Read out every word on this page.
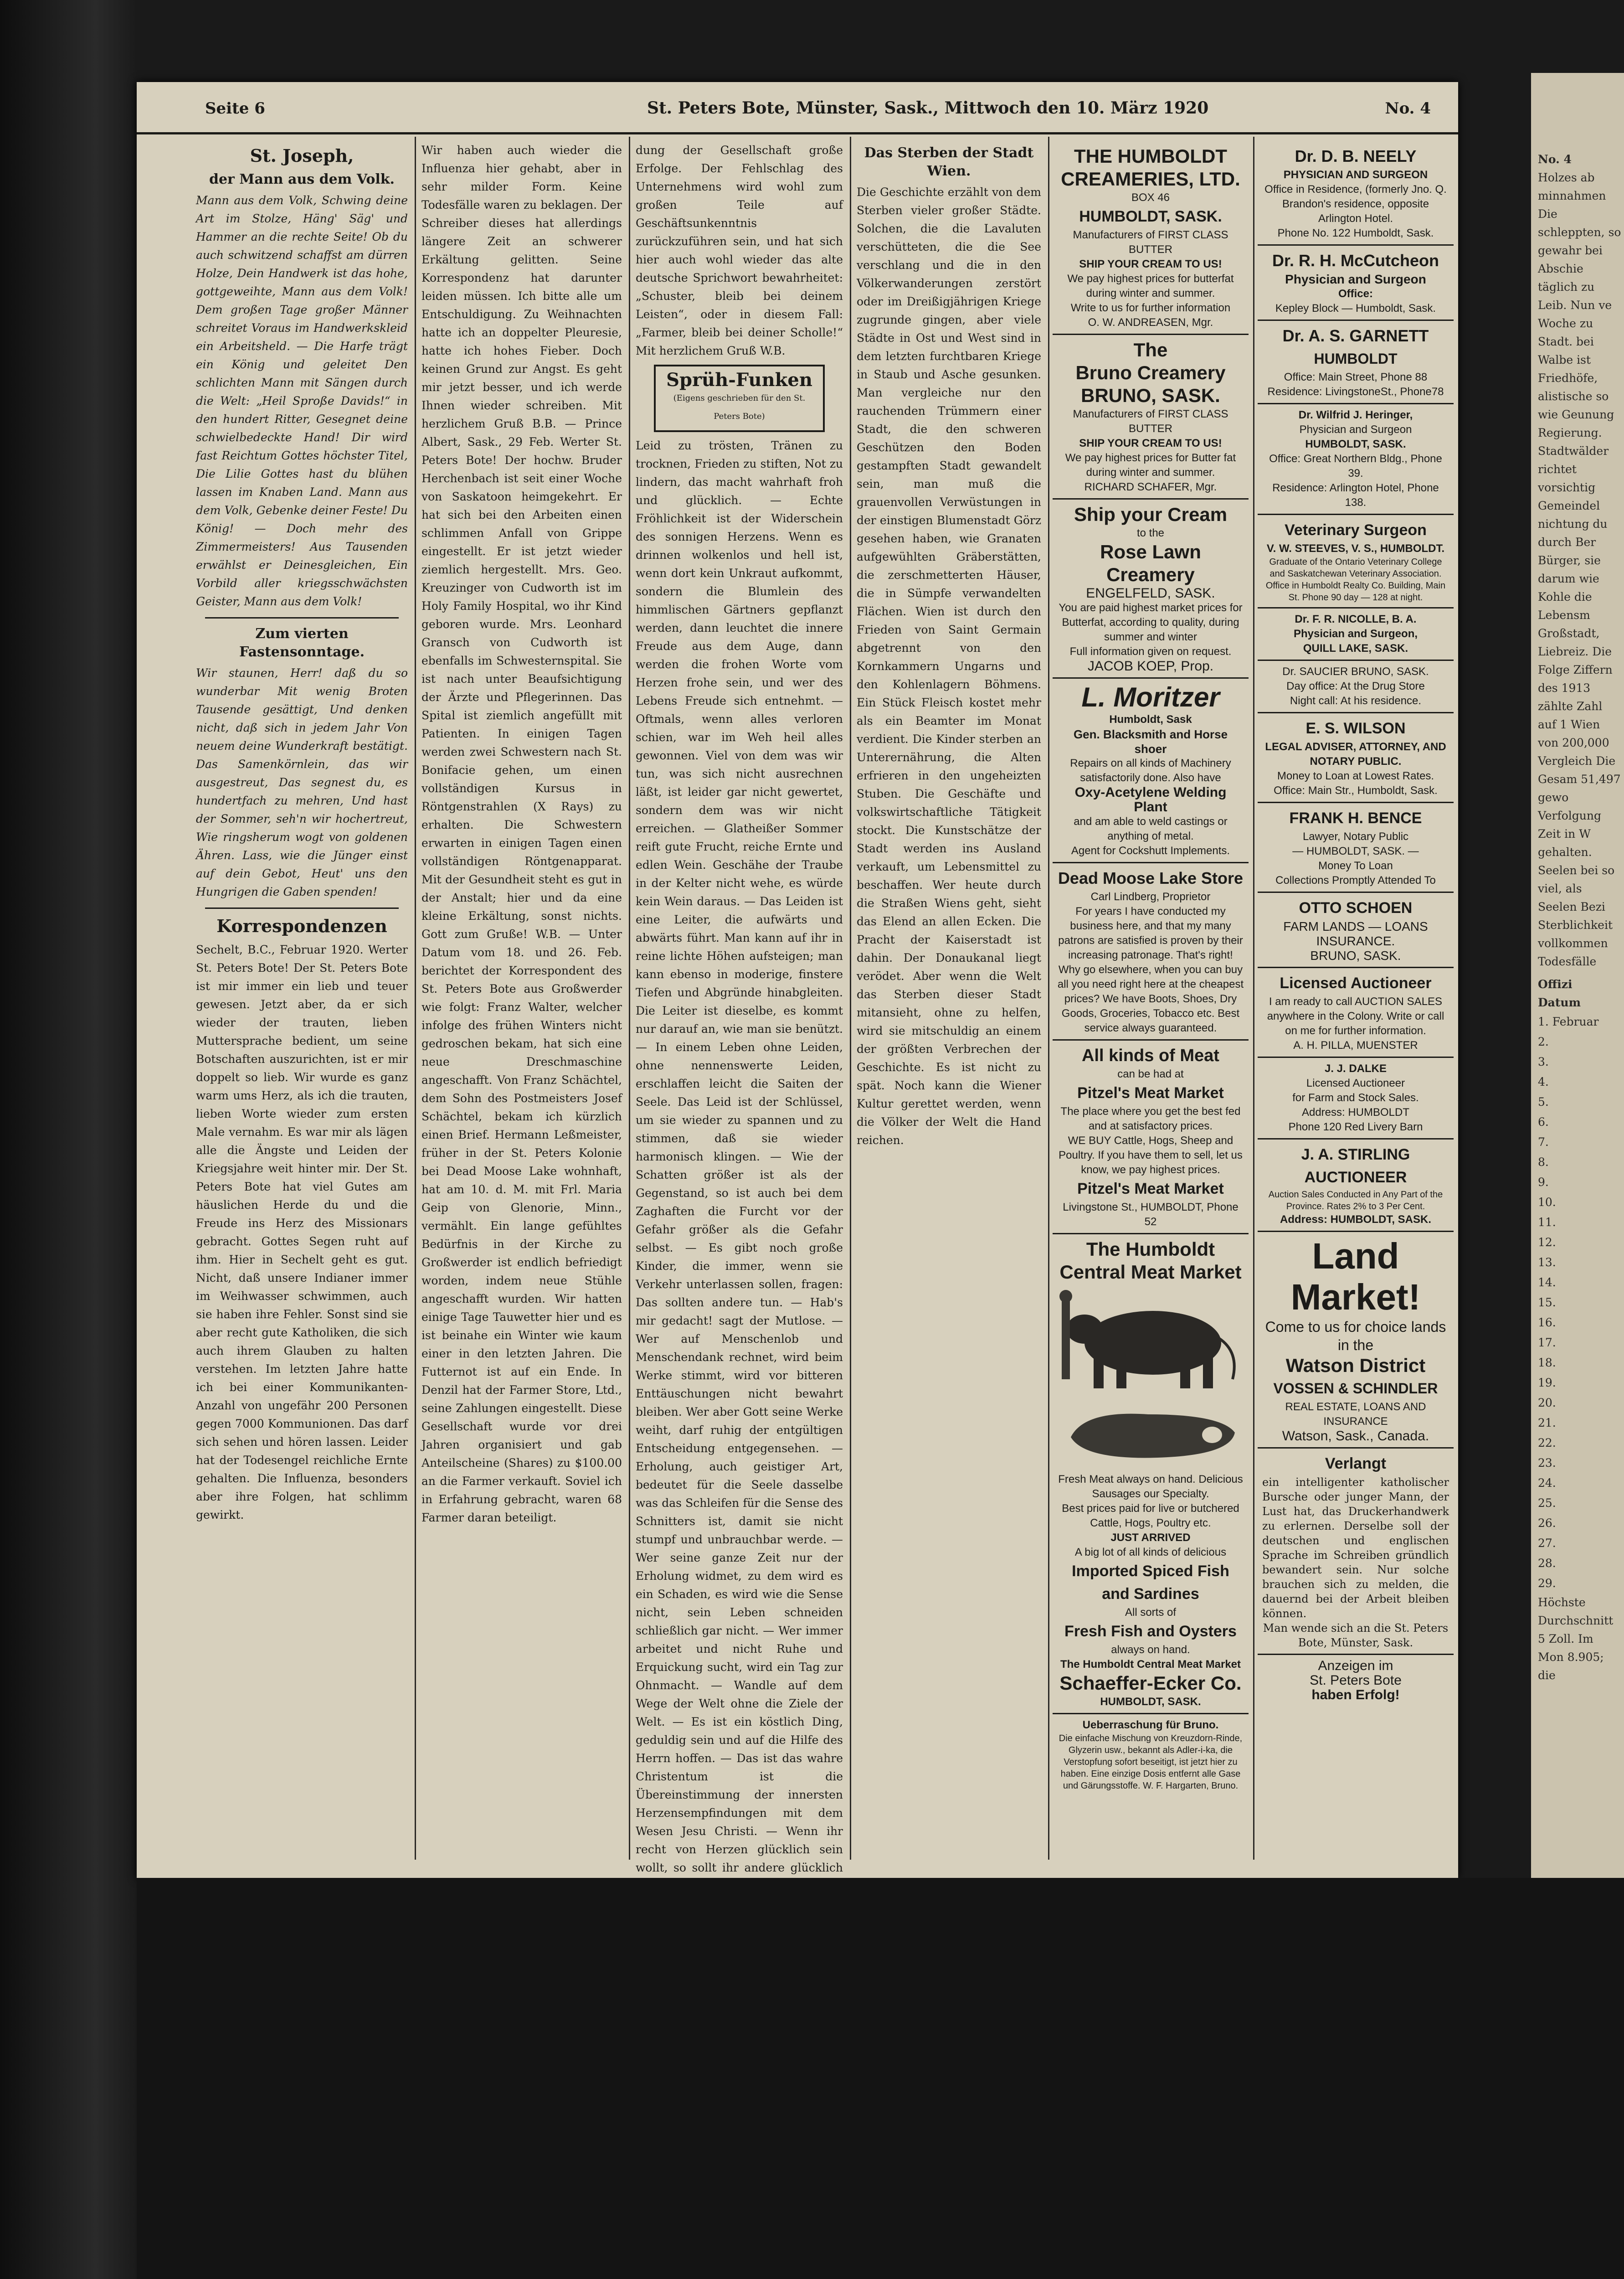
Seite 6	St. Peters Bote, Münster, Sask., Mittwoch den 10. März 1920	No. 4
St. Joseph,
der Mann aus dem Volk.

Mann aus dem Volk, Schwing deine Art im Stolze, Häng' Säg' und Hammer an die rechte Seite! Ob du auch schwitzend schaffst am dürren Holze, Dein Handwerk ist das hohe, gottgeweihte, Mann aus dem Volk! Dem großen Tage großer Männer schreitet Voraus im Handwerkskleid ein Arbeitsheld. — Die Harfe trägt ein König und geleitet Den schlichten Mann mit Sängen durch die Welt: „Heil Sproße Davids!“ in den hundert Ritter, Gesegnet deine schwielbedeckte Hand! Dir wird fast Reichtum Gottes höchster Titel, Die Lilie Gottes hast du blühen lassen im Knaben Land. Mann aus dem Volk, Gebenke deiner Feste! Du König! — Doch mehr des Zimmermeisters! Aus Tausenden erwählst er Deinesgleichen, Ein Vorbild aller kriegsschwächsten Geister, Mann aus dem Volk!

Zum vierten Fastensonntage.

Wir staunen, Herr! daß du so wunderbar Mit wenig Broten Tausende gesättigt, Und denken nicht, daß sich in jedem Jahr Von neuem deine Wunderkraft bestätigt. Das Samenkörnlein, das wir ausgestreut, Das segnest du, es hundertfach zu mehren, Und hast der Sommer, seh'n wir hochertreut, Wie ringsherum wogt von goldenen Ähren. Lass, wie die Jünger einst auf dein Gebot, Heut' uns den Hungrigen die Gaben spenden!

Korrespondenzen

Sechelt, B.C., Februar 1920. Werter St. Peters Bote! Der St. Peters Bote ist mir immer ein lieb und teuer gewesen. Jetzt aber, da er sich wieder der trauten, lieben Muttersprache bedient, um seine Botschaften auszurichten, ist er mir doppelt so lieb. Wir wurde es ganz warm ums Herz, als ich die trauten, lieben Worte wieder zum ersten Male vernahm. Es war mir als lägen alle die Ängste und Leiden der Kriegsjahre weit hinter mir. Der St. Peters Bote hat viel Gutes am häuslichen Herde du und die Freude ins Herz des Missionars gebracht. Gottes Segen ruht auf ihm. Hier in Sechelt geht es gut. Nicht, daß unsere Indianer immer im Weihwasser schwimmen, auch sie haben ihre Fehler. Sonst sind sie aber recht gute Katholiken, die sich auch ihrem Glauben zu halten verstehen. Im letzten Jahre hatte ich bei einer Kommunikanten-Anzahl von ungefähr 200 Personen gegen 7000 Kommunionen. Das darf sich sehen und hören lassen. Leider hat der Todesengel reichliche Ernte gehalten. Die Influenza, besonders aber ihre Folgen, hat schlimm gewirkt.

Wir haben auch wieder die Influenza hier gehabt, aber in sehr milder Form. Keine Todesfälle waren zu beklagen. Der Schreiber dieses hat allerdings längere Zeit an schwerer Erkältung gelitten. Seine Korrespondenz hat darunter leiden müssen. Ich bitte alle um Entschuldigung. Zu Weihnachten hatte ich an doppelter Pleuresie, hatte ich hohes Fieber. Doch keinen Grund zur Angst. Es geht mir jetzt besser, und ich werde Ihnen wieder schreiben. Mit herzlichem Gruß B.B. — Prince Albert, Sask., 29 Feb. Werter St. Peters Bote! Der hochw. Bruder Herchenbach ist seit einer Woche von Saskatoon heimgekehrt. Er hat sich bei den Arbeiten einen schlimmen Anfall von Grippe eingestellt. Er ist jetzt wieder ziemlich hergestellt. Mrs. Geo. Kreuzinger von Cudworth ist im Holy Family Hospital, wo ihr Kind geboren wurde. Mrs. Leonhard Gransch von Cudworth ist ebenfalls im Schwesternspital. Sie ist nach unter Beaufsichtigung der Ärzte und Pflegerinnen. Das Spital ist ziemlich angefüllt mit Patienten. In einigen Tagen werden zwei Schwestern nach St. Bonifacie gehen, um einen vollständigen Kursus in Röntgenstrahlen (X Rays) zu erhalten. Die Schwestern erwarten in einigen Tagen einen vollständigen Röntgenapparat. Mit der Gesundheit steht es gut in der Anstalt; hier und da eine kleine Erkältung, sonst nichts. Gott zum Gruße! W.B. — Unter Datum vom 18. und 26. Feb. berichtet der Korrespondent des St. Peters Bote aus Großwerder wie folgt: Franz Walter, welcher infolge des frühen Winters nicht gedroschen bekam, hat sich eine neue Dreschmaschine angeschafft. Von Franz Schächtel, dem Sohn des Postmeisters Josef Schächtel, bekam ich kürzlich einen Brief. Hermann Leßmeister, früher in der St. Peters Kolonie bei Dead Moose Lake wohnhaft, hat am 10. d. M. mit Frl. Maria Geip von Glenorie, Minn., vermählt. Ein lange gefühltes Bedürfnis in der Kirche zu Großwerder ist endlich befriedigt worden, indem neue Stühle angeschafft wurden. Wir hatten einige Tage Tauwetter hier und es ist beinahe ein Winter wie kaum einer in den letzten Jahren. Die Futternot ist auf ein Ende. In Denzil hat der Farmer Store, Ltd., seine Zahlungen eingestellt. Diese Gesellschaft wurde vor drei Jahren organisiert und gab Anteilscheine (Shares) zu $100.00 an die Farmer verkauft. Soviel ich in Erfahrung gebracht, waren 68 Farmer daran beteiligt.

dung der Gesellschaft große Erfolge. Der Fehlschlag des Unternehmens wird wohl zum großen Teile auf Geschäftsunkenntnis zurückzuführen sein, und hat sich hier auch wohl wieder das alte deutsche Sprichwort bewahrheitet: „Schuster, bleib bei deinem Leisten“, oder in diesem Fall: „Farmer, bleib bei deiner Scholle!“ Mit herzlichem Gruß W.B.

Sprüh-Funken
(Eigens geschrieben für den St. Peters Bote)

Leid zu trösten, Tränen zu trocknen, Frieden zu stiften, Not zu lindern, das macht wahrhaft froh und glücklich. — Echte Fröhlichkeit ist der Widerschein des sonnigen Herzens. Wenn es drinnen wolkenlos und hell ist, wenn dort kein Unkraut aufkommt, sondern die Blumlein des himmlischen Gärtners gepflanzt werden, dann leuchtet die innere Freude aus dem Auge, dann werden die frohen Worte vom Herzen frohe sein, und wer des Lebens Freude sich entnehmt. — Oftmals, wenn alles verloren schien, war im Weh heil alles gewonnen. Viel von dem was wir tun, was sich nicht ausrechnen läßt, ist leider gar nicht gewertet, sondern dem was wir nicht erreichen. — Glatheißer Sommer reift gute Frucht, reiche Ernte und edlen Wein. Geschähe der Traube in der Kelter nicht wehe, es würde kein Wein daraus. — Das Leiden ist eine Leiter, die aufwärts und abwärts führt. Man kann auf ihr in reine lichte Höhen aufsteigen; man kann ebenso in moderige, finstere Tiefen und Abgründe hinabgleiten. Die Leiter ist dieselbe, es kommt nur darauf an, wie man sie benützt. — In einem Leben ohne Leiden, ohne nennenswerte Leiden, erschlaffen leicht die Saiten der Seele. Das Leid ist der Schlüssel, um sie wieder zu spannen und zu stimmen, daß sie wieder harmonisch klingen. — Wie der Schatten größer ist als der Gegenstand, so ist auch bei dem Zaghaften die Furcht vor der Gefahr größer als die Gefahr selbst. — Es gibt noch große Kinder, die immer, wenn sie Verkehr unterlassen sollen, fragen: Das sollten andere tun. — Hab's mir gedacht! sagt der Mutlose. — Wer auf Menschenlob und Menschendank rechnet, wird beim Werke stimmt, wird vor bitteren Enttäuschungen nicht bewahrt bleiben. Wer aber Gott seine Werke weiht, darf ruhig der entgültigen Entscheidung entgegensehen. — Erholung, auch geistiger Art, bedeutet für die Seele dasselbe was das Schleifen für die Sense des Schnitters ist, damit sie nicht stumpf und unbrauchbar werde. — Wer seine ganze Zeit nur der Erholung widmet, zu dem wird es ein Schaden, es wird wie die Sense nicht, sein Leben schneiden schließlich gar nicht. — Wer immer arbeitet und nicht Ruhe und Erquickung sucht, wird ein Tag zur Ohnmacht. — Wandle auf dem Wege der Welt ohne die Ziele der Welt. — Es ist ein köstlich Ding, geduldig sein und auf die Hilfe des Herrn hoffen. — Das ist das wahre Christentum ist die Übereinstimmung der innersten Herzensempfindungen mit dem Wesen Jesu Christi. — Wenn ihr recht von Herzen glücklich sein wollt, so sollt ihr andere glücklich

Das Sterben der Stadt Wien.

Die Geschichte erzählt von dem Sterben vieler großer Städte. Solchen, die die Lavaluten verschütteten, die die See verschlang und die in den Völkerwanderungen zerstört oder im Dreißigjährigen Kriege zugrunde gingen, aber viele Städte in Ost und West sind in dem letzten furchtbaren Kriege in Staub und Asche gesunken. Man vergleiche nur den rauchenden Trümmern einer Stadt, die den schweren Geschützen den Boden gestampften Stadt gewandelt sein, man muß die grauenvollen Verwüstungen in der einstigen Blumenstadt Görz gesehen haben, wie Granaten aufgewühlten Gräberstätten, die zerschmetterten Häuser, die in Sümpfe verwandelten Flächen. Wien ist durch den Frieden von Saint Germain abgetrennt von den Kornkammern Ungarns und den Kohlenlagern Böhmens. Ein Stück Fleisch kostet mehr als ein Beamter im Monat verdient. Die Kinder sterben an Unterernährung, die Alten erfrieren in den ungeheizten Stuben. Die Geschäfte und volkswirtschaftliche Tätigkeit stockt. Die Kunstschätze der Stadt werden ins Ausland verkauft, um Lebensmittel zu beschaffen. Wer heute durch die Straßen Wiens geht, sieht das Elend an allen Ecken. Die Pracht der Kaiserstadt ist dahin. Der Donaukanal liegt verödet. Aber wenn die Welt das Sterben dieser Stadt mitansieht, ohne zu helfen, wird sie mitschuldig an einem der größten Verbrechen der Geschichte. Es ist nicht zu spät. Noch kann die Wiener Kultur gerettet werden, wenn die Völker der Welt die Hand reichen.

THE HUMBOLDT CREAMERIES, LTD.
BOX 46
HUMBOLDT, SASK.
Manufacturers of FIRST CLASS BUTTER
SHIP YOUR CREAM TO US!
We pay highest prices for butterfat during winter and summer.
Write to us for further information
O. W. ANDREASEN, Mgr.
The
Bruno Creamery
BRUNO, SASK.
Manufacturers of FIRST CLASS BUTTER
SHIP YOUR CREAM TO US!
We pay highest prices for Butter fat during winter and summer.
RICHARD SCHAFER, Mgr.
Ship your Cream
to the
Rose Lawn Creamery
ENGELFELD, SASK.
You are paid highest market prices for Butterfat, according to quality, during summer and winter
Full information given on request.
JACOB KOEP, Prop.
L. Moritzer
Humboldt, Sask
Gen. Blacksmith and Horse shoer
Repairs on all kinds of Machinery satisfactorily done. Also have
Oxy-Acetylene Welding Plant
and am able to weld castings or anything of metal.
Agent for Cockshutt Implements.
Dead Moose Lake Store
Carl Lindberg, Proprietor
For years I have conducted my business here, and that my many patrons are satisfied is proven by their increasing patronage. That's right! Why go elsewhere, when you can buy all you need right here at the cheapest prices? We have Boots, Shoes, Dry Goods, Groceries, Tobacco etc. Best service always guaranteed.
All kinds of Meat
can be had at
Pitzel's Meat Market
The place where you get the best fed and at satisfactory prices.
WE BUY Cattle, Hogs, Sheep and Poultry. If you have them to sell, let us know, we pay highest prices.
Pitzel's Meat Market
Livingstone St., HUMBOLDT, Phone 52
The Humboldt Central Meat Market

Fresh Meat always on hand. Delicious Sausages our Specialty.
Best prices paid for live or butchered Cattle, Hogs, Poultry etc.
JUST ARRIVED
A big lot of all kinds of delicious
Imported Spiced Fish and Sardines
All sorts of
Fresh Fish and Oysters
always on hand.
The Humboldt Central Meat Market
Schaeffer-Ecker Co.
HUMBOLDT, SASK.
Ueberraschung für Bruno.
Die einfache Mischung von Kreuzdorn-Rinde, Glyzerin usw., bekannt als Adler-i-ka, die Verstopfung sofort beseitigt, ist jetzt hier zu haben. Eine einzige Dosis entfernt alle Gase und Gärungsstoffe. W. F. Hargarten, Bruno.
Dr. D. B. NEELY
PHYSICIAN AND SURGEON
Office in Residence, (formerly Jno. Q. Brandon's residence, opposite Arlington Hotel.
Phone No. 122 Humboldt, Sask.
Dr. R. H. McCutcheon
Physician and Surgeon
Office:
Kepley Block — Humboldt, Sask.
Dr. A. S. GARNETT
HUMBOLDT
Office: Main Street, Phone 88
Residence: LivingstoneSt., Phone78
Dr. Wilfrid J. Heringer,
Physician and Surgeon
HUMBOLDT, SASK.
Office: Great Northern Bldg., Phone 39.
Residence: Arlington Hotel, Phone 138.
Veterinary Surgeon
V. W. STEEVES, V. S., HUMBOLDT.
Graduate of the Ontario Veterinary College and Saskatchewan Veterinary Association. Office in Humboldt Realty Co. Building, Main St. Phone 90 day — 128 at night.
Dr. F. R. NICOLLE, B. A.
Physician and Surgeon,
QUILL LAKE, SASK.
Dr. SAUCIER BRUNO, SASK.
Day office: At the Drug Store
Night call: At his residence.
E. S. WILSON
LEGAL ADVISER, ATTORNEY, AND NOTARY PUBLIC.
Money to Loan at Lowest Rates.
Office: Main Str., Humboldt, Sask.
FRANK H. BENCE
Lawyer, Notary Public
— HUMBOLDT, SASK. —
Money To Loan
Collections Promptly Attended To
OTTO SCHOEN
FARM LANDS — LOANS INSURANCE.
BRUNO, SASK.
Licensed Auctioneer
I am ready to call AUCTION SALES anywhere in the Colony. Write or call on me for further information.
A. H. PILLA, MUENSTER
J. J. DALKE
Licensed Auctioneer
for Farm and Stock Sales.
Address: HUMBOLDT
Phone 120 Red Livery Barn
J. A. STIRLING
AUCTIONEER
Auction Sales Conducted in Any Part of the Province. Rates 2% to 3 Per Cent.
Address: HUMBOLDT, SASK.
Land Market!
Come to us for choice lands in the
Watson District
VOSSEN & SCHINDLER
REAL ESTATE, LOANS AND INSURANCE
Watson, Sask., Canada.
Verlangt
ein intelligenter katholischer Bursche oder junger Mann, der Lust hat, das Druckerhandwerk zu erlernen. Derselbe soll der deutschen und englischen Sprache im Schreiben gründlich bewandert sein. Nur solche brauchen sich zu melden, die dauernd bei der Arbeit bleiben können.
Man wende sich an die St. Peters Bote, Münster, Sask.
Anzeigen im
St. Peters Bote
haben Erfolg!
No. 4
Holzes ab minnahmen Die schleppten, so gewahr bei Abschie täglich zu Leib. Nun ve Woche zu Stadt. bei Walbe ist Friedhöfe, alistische so wie Geunung Regierung. Stadtwälder richtet vorsichtig Gemeindel nichtung du durch Ber Bürger, sie darum wie Kohle die Lebensm Großstadt, Liebreiz. Die Folge Ziffern des 1913 zählte Zahl auf 1 Wien von 200,000 Vergleich Die Gesam 51,497 gewo Verfolgung Zeit in W gehalten. Seelen bei so viel, als Seelen Bezi Sterblichkeit vollkommen Todesfälle
Offizi
Datum
1. Februar
2.
3.
4.
5.
6.
7.
8.
9.
10.
11.
12.
13.
14.
15.
16.
17.
18.
19.
20.
21.
22.
23.
24.
25.
26.
27.
28.
29.
Höchste Durchschnitt 5 Zoll. Im Mon 8.905; die
